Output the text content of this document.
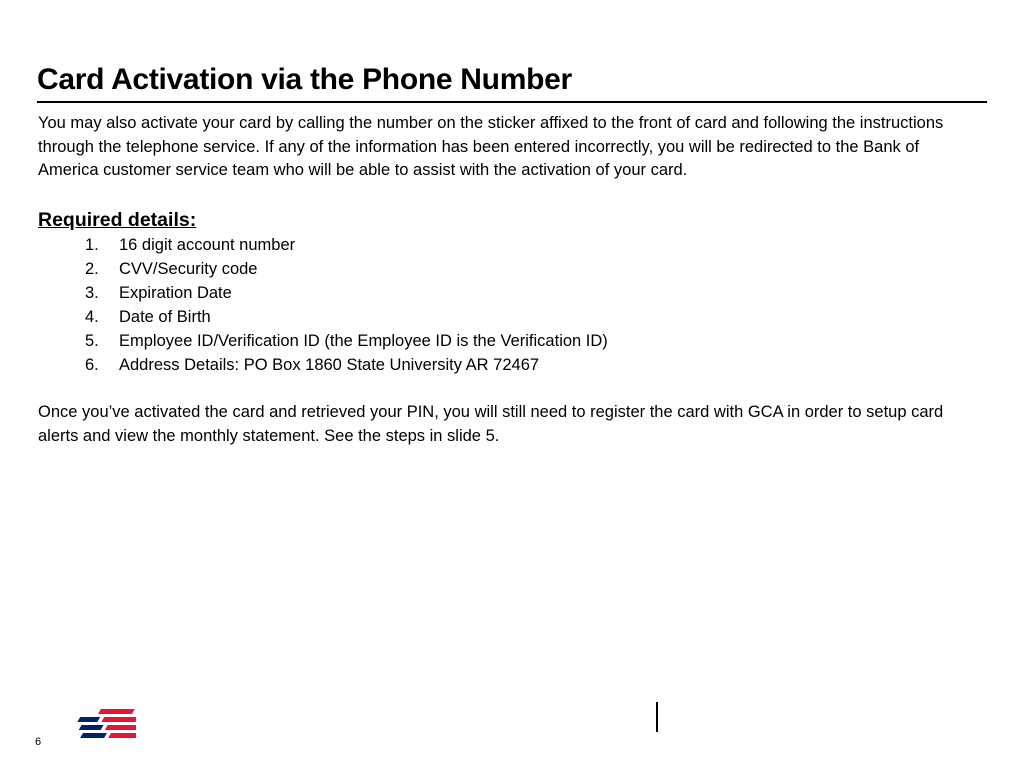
Card Activation via the Phone Number

You may also activate your card by calling the number on the sticker affixed to the front of card and following the instructions through the telephone service. If any of the information has been entered incorrectly, you will be redirected to the Bank of America customer service team who will be able to assist with the activation of your card.

Required details:

1.	16 digit account number
2.	CVV/Security code
3.	Expiration Date
4.	Date of Birth
5.	Employee ID/Verification ID (the Employee ID is the Verification ID)
6.	Address Details: PO Box 1860 State University AR 72467

Once you’ve activated the card and retrieved your PIN, you will still need to register the card with GCA in order to setup card alerts and view the monthly statement. See the steps in slide 5.

6
